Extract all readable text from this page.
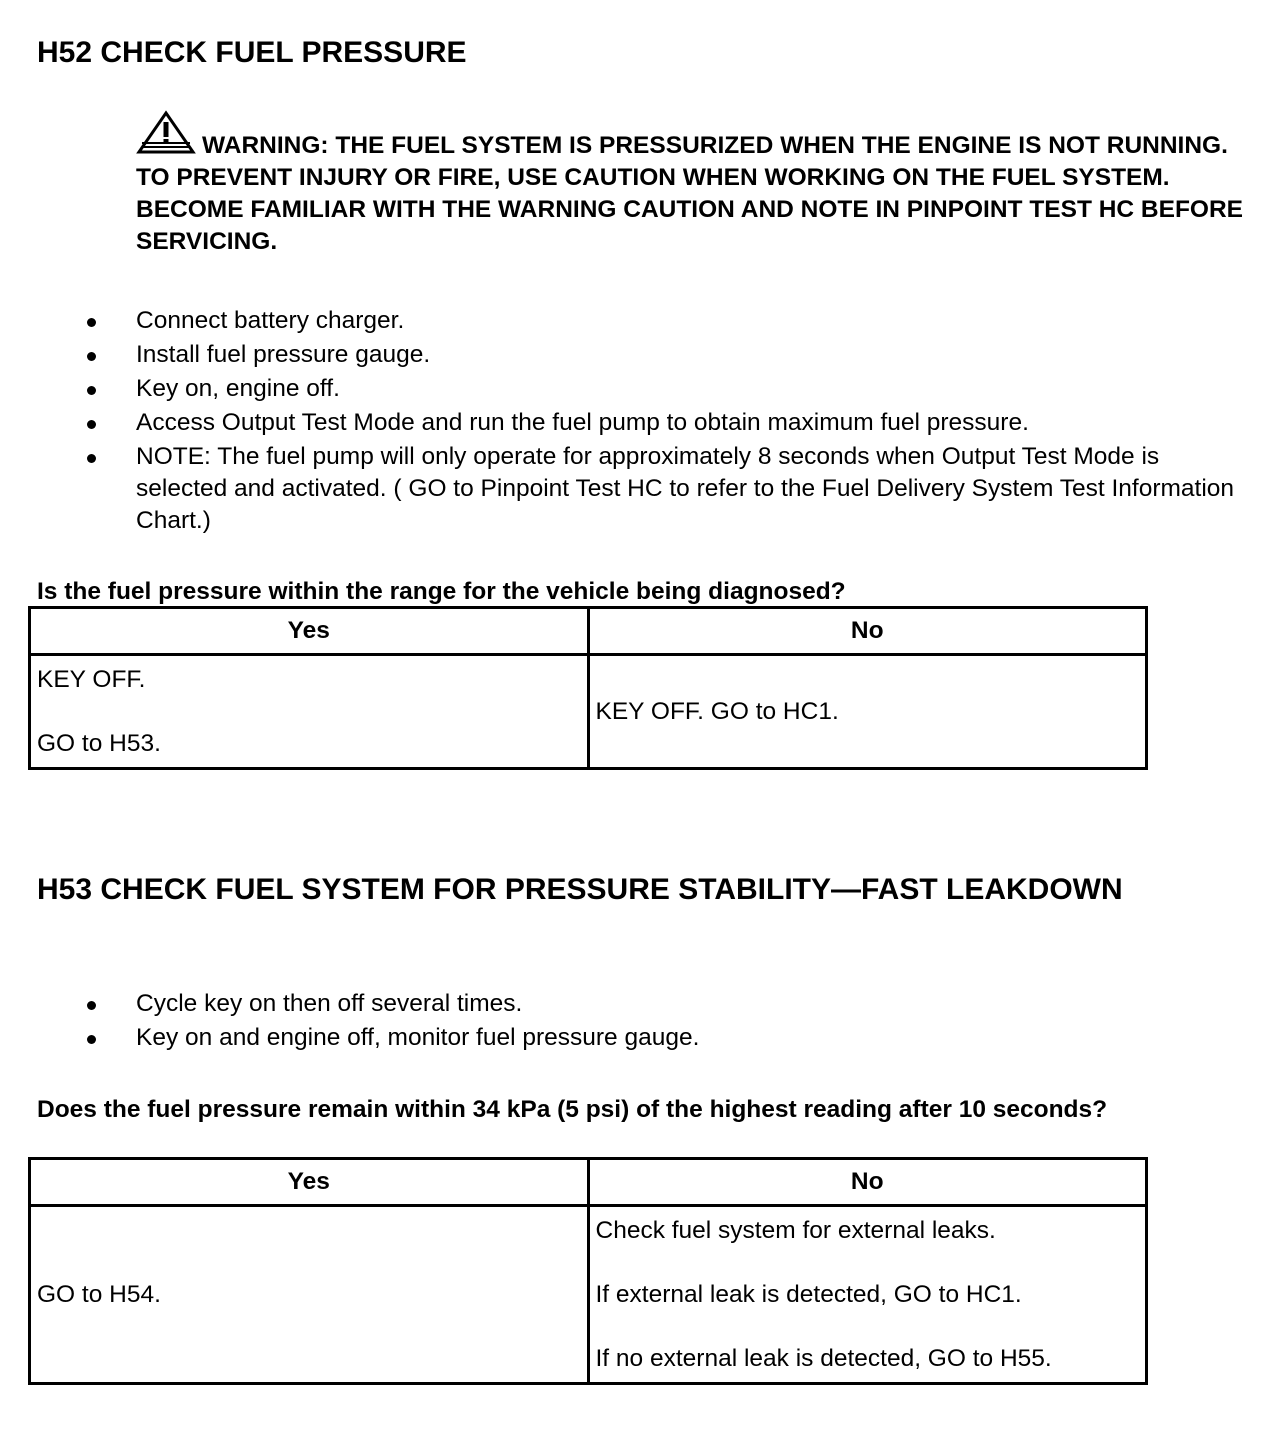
H52 CHECK FUEL PRESSURE
WARNING: THE FUEL SYSTEM IS PRESSURIZED WHEN THE ENGINE IS NOT RUNNING. TO PREVENT INJURY OR FIRE, USE CAUTION WHEN WORKING ON THE FUEL SYSTEM. BECOME FAMILIAR WITH THE WARNING CAUTION AND NOTE IN PINPOINT TEST HC BEFORE SERVICING.
Connect battery charger.
Install fuel pressure gauge.
Key on, engine off.
Access Output Test Mode and run the fuel pump to obtain maximum fuel pressure.
NOTE: The fuel pump will only operate for approximately 8 seconds when Output Test Mode is selected and activated. ( GO to Pinpoint Test HC to refer to the Fuel Delivery System Test Information Chart.)

Is the fuel pressure within the range for the vehicle being diagnosed?

Yes	No

KEY OFF.
GO to H53.	KEY OFF. GO to HC1.
H53 CHECK FUEL SYSTEM FOR PRESSURE STABILITY—FAST LEAKDOWN
Cycle key on then off several times.
Key on and engine off, monitor fuel pressure gauge.

Does the fuel pressure remain within 34 kPa (5 psi) of the highest reading after 10 seconds?

Yes	No

GO to H54.	Check fuel system for external leaks.
If external leak is detected, GO to HC1.
If no external leak is detected, GO to H55.
